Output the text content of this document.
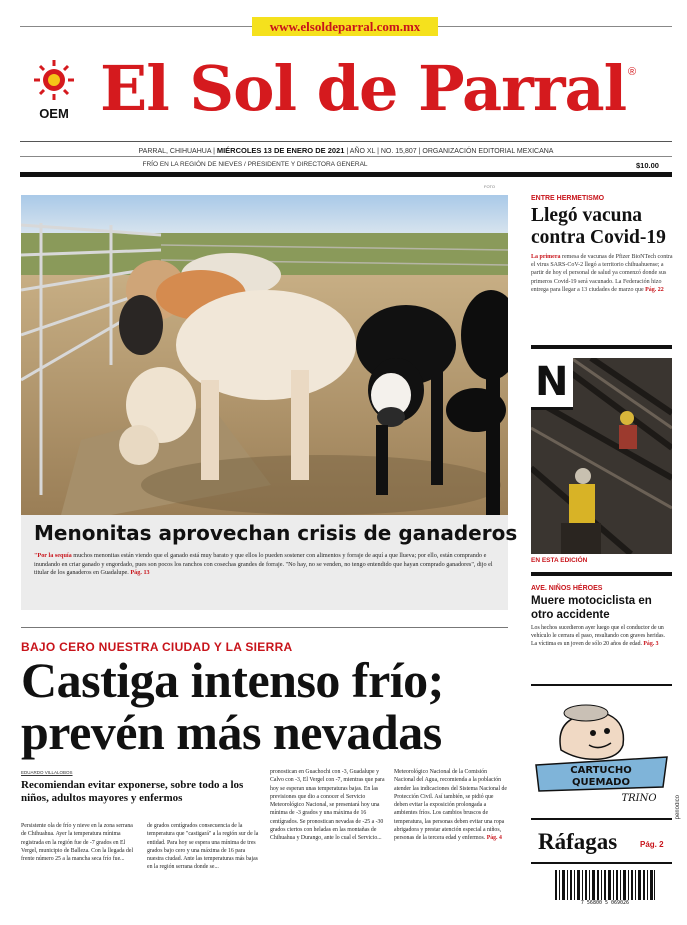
www.elsoldeparral.com.mx
OEM El Sol de Parral ®
PARRAL, CHIHUAHUA | MIÉRCOLES 13 DE ENERO DE 2021 | AÑO XL | NO. 15,807 | ORGANIZACIÓN EDITORIAL MEXICANA
FRÍO EN LA REGIÓN DE NIEVES / PRESIDENTE Y DIRECTORA GENERAL	$10.00
FOTO
Menonitas aprovechan crisis de ganaderos
"Por la sequía muchos menonitas están viendo que el ganado está muy barato y que ellos lo pueden sostener con alimentos y forraje de aquí a que llueva; por ello, están comprando e inundando en criar ganado y engordado, pues son pocos los ranchos con cosechas grandes de forraje. "No hay, no se venden, no tengo entendido que hayan comprado ganadores", dijo el titular de los ganaderos en Guadalupe. Pág. 13
ENTRE HERMETISMO
Llegó vacuna contra Covid-19
La primera remesa de vacunas de Pfizer BioNTech contra el virus SARS-CoV-2 llegó a territorio chihuahuense; a partir de hoy el personal de salud ya comenzó donde sus primeros Covid-19 será vacunado. La Federación hizo entrega para llegar a 13 ciudades de marzo que Pág. 22
N
EN ESTA EDICIÓN
AVE. NIÑOS HÉROES
Muere motociclista en otro accidente
Los hechos sucedieron ayer luego que el conductor de un vehículo le cerrara el paso, resultando con graves heridas. La víctima es un joven de sólo 20 años de edad. Pág. 3
CARTUCHO
QUEMADO
TRINO
Ráfagas	Pág. 2
7 56800 5 069026
periodico
BAJO CERO NUESTRA CIUDAD Y LA SIERRA
Castiga intenso frío;
prevén más nevadas
EDUARDO VILLALOBOS
Recomiendan evitar exponerse, sobre todo a los niños, adultos mayores y enfermos
Persistente ola de frío y nieve en la zona serrana de Chihuahua. Ayer la temperatura mínima registrada en la región fue de -7 grados en El Vergel, municipio de Balleza. Con la llegada del frente número 25 a la mancha seca frío fue...
de grados centígrados consecuencia de la temperatura que "castigará" a la región sur de la entidad. Para hoy se espera una mínima de tres grados bajo cero y una máxima de 16 para nuestra ciudad. Ante las temperaturas más bajas en la región serrana donde se...
pronostican en Guachochi con -3, Guadalupe y Calvo con -3, El Vergel con -7, mientras que para hoy se esperan unas temperaturas bajas. En las previsiones que dio a conocer el Servicio Meteorológico Nacional, se presentará hoy una mínima de -3 grados y una máxima de 16 centígrados. Se pronostican nevadas de -25 a -30 grados ciertos con heladas en las montañas de Chihuahua y Durango, ante lo cual el Servicio...
Meteorológico Nacional de la Comisión Nacional del Agua, recomienda a la población atender las indicaciones del Sistema Nacional de Protección Civil. Así también, se pidió que deben evitar la exposición prolongada a ambientes fríos. Los cambios bruscos de temperatura, las personas deben evitar una ropa abrigadora y prestar atención especial a niños, personas de la tercera edad y enfermos. Pág. 4
